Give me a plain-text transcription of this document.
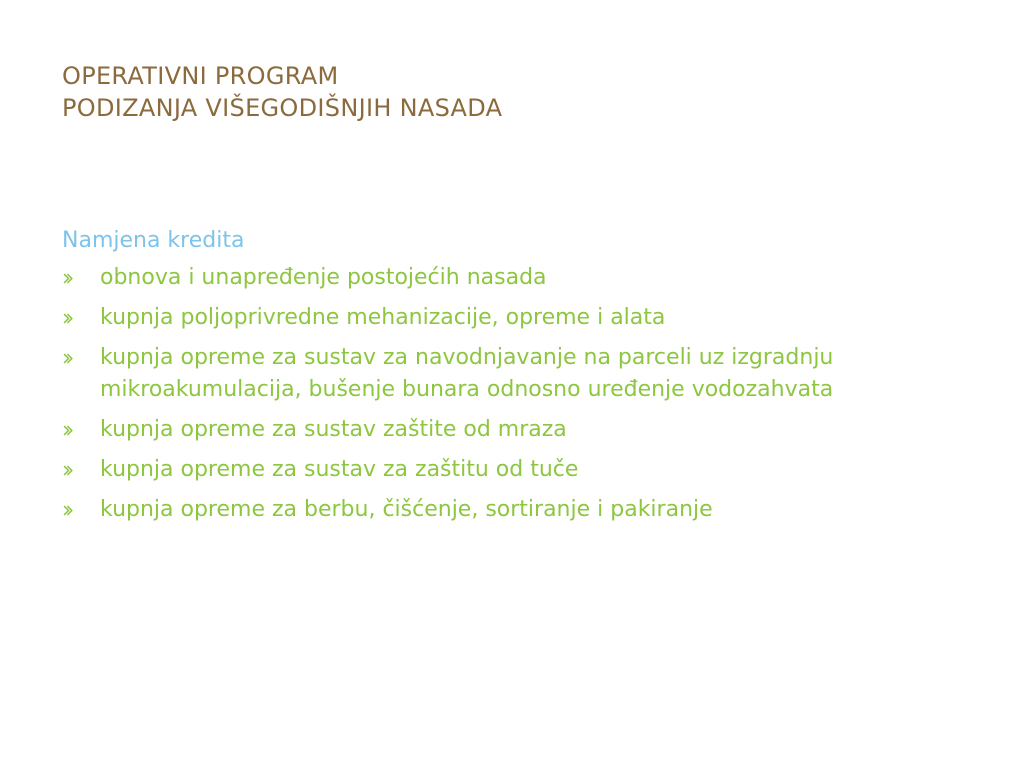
OPERATIVNI PROGRAM
PODIZANJA VIŠEGODIŠNJIH NASADA
Namjena kredita
obnova i unapređenje postojećih nasada
kupnja poljoprivredne mehanizacije, opreme i alata
kupnja opreme za sustav za navodnjavanje na parceli uz izgradnju mikroakumulacija, bušenje bunara odnosno uređenje vodozahvata
kupnja opreme za sustav zaštite od mraza
kupnja opreme za sustav za zaštitu od tuče
kupnja opreme za berbu, čišćenje, sortiranje i pakiranje
